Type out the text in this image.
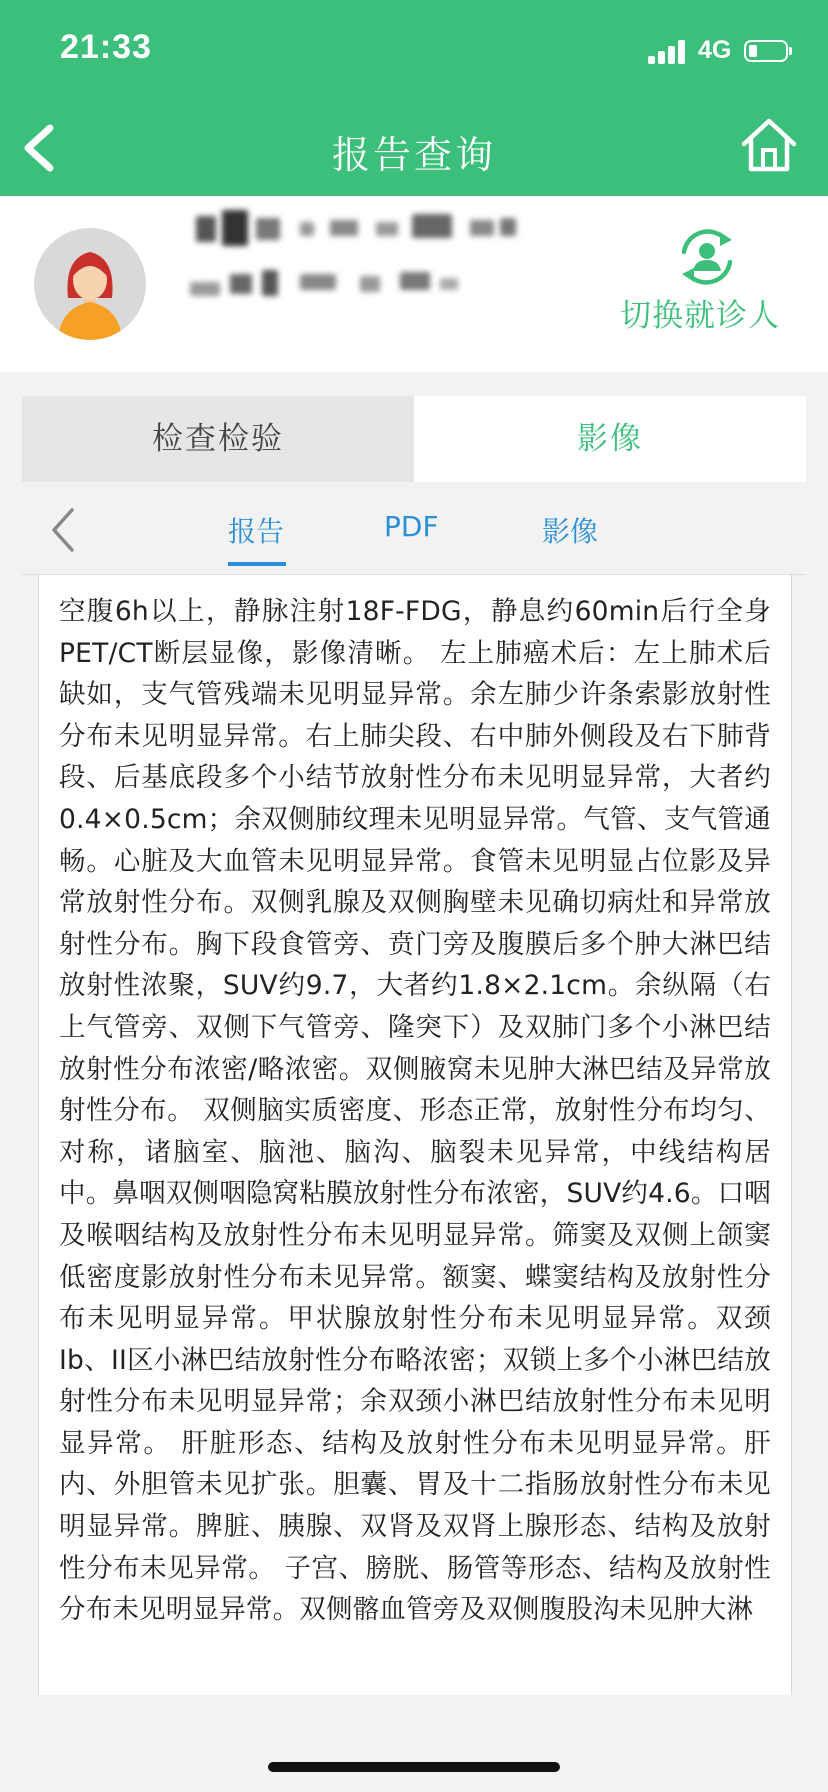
21:33	4G
报告查询
切换就诊人
检查检验	影像
报告	PDF	影像

空腹6h以上，静脉注射18F-FDG，静息约60min后行全身PET/CT断层显像，影像清晰。 左上肺癌术后：左上肺术后缺如，支气管残端未见明显异常。余左肺少许条索影放射性分布未见明显异常。右上肺尖段、右中肺外侧段及右下肺背段、后基底段多个小结节放射性分布未见明显异常，大者约0.4×0.5cm；余双侧肺纹理未见明显异常。气管、支气管通畅。心脏及大血管未见明显异常。食管未见明显占位影及异常放射性分布。双侧乳腺及双侧胸壁未见确切病灶和异常放射性分布。胸下段食管旁、贲门旁及腹膜后多个肿大淋巴结放射性浓聚，SUV约9.7，大者约1.8×2.1cm。余纵隔（右上气管旁、双侧下气管旁、隆突下）及双肺门多个小淋巴结放射性分布浓密/略浓密。双侧腋窝未见肿大淋巴结及异常放射性分布。 双侧脑实质密度、形态正常，放射性分布均匀、对称，诸脑室、脑池、脑沟、脑裂未见异常，中线结构居中。鼻咽双侧咽隐窝粘膜放射性分布浓密，SUV约4.6。口咽及喉咽结构及放射性分布未见明显异常。筛窦及双侧上颌窦低密度影放射性分布未见异常。额窦、蝶窦结构及放射性分布未见明显异常。甲状腺放射性分布未见明显异常。双颈Ib、II区小淋巴结放射性分布略浓密；双锁上多个小淋巴结放射性分布未见明显异常；余双颈小淋巴结放射性分布未见明显异常。 肝脏形态、结构及放射性分布未见明显异常。肝内、外胆管未见扩张。胆囊、胃及十二指肠放射性分布未见明显异常。脾脏、胰腺、双肾及双肾上腺形态、结构及放射性分布未见异常。 子宫、膀胱、肠管等形态、结构及放射性分布未见明显异常。双侧髂血管旁及双侧腹股沟未见肿大淋
